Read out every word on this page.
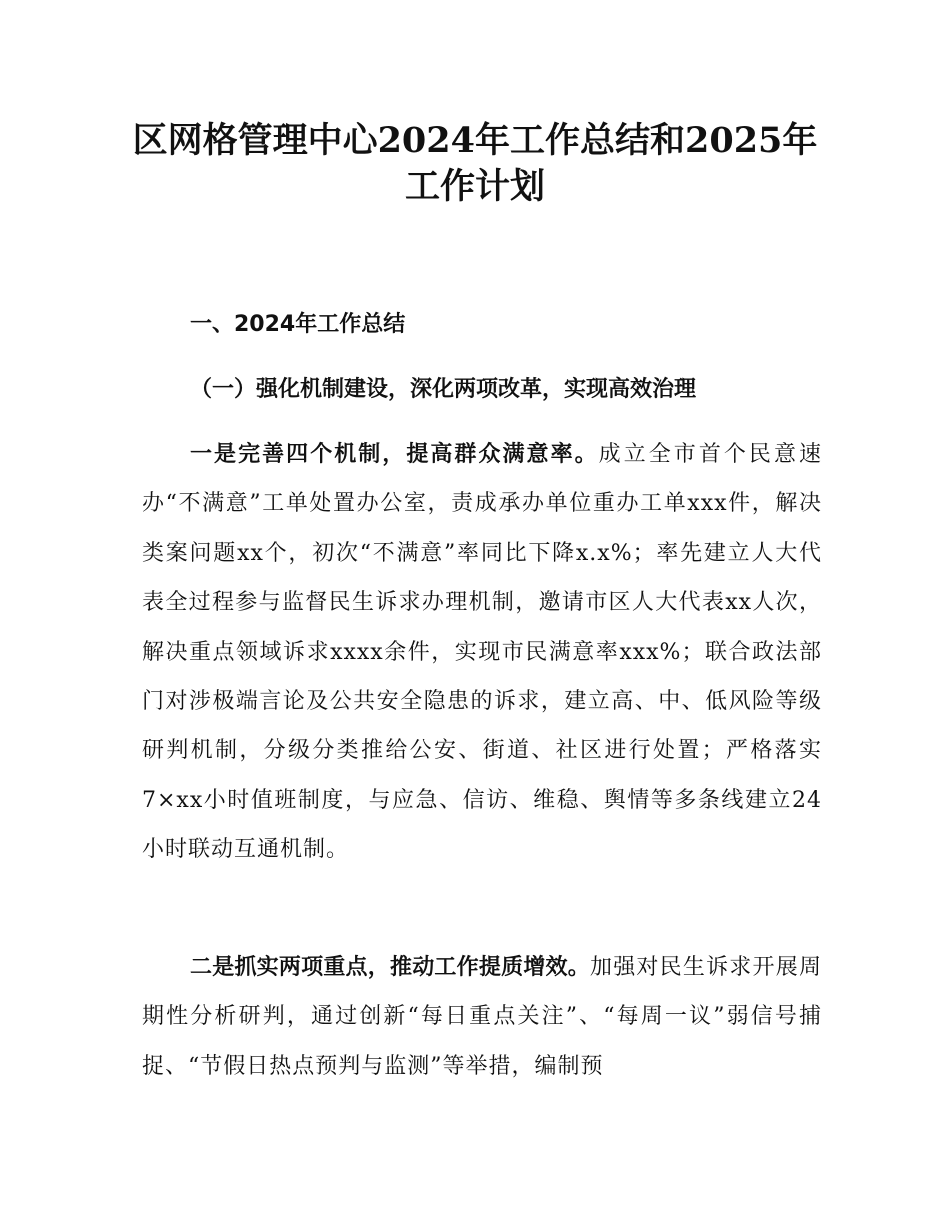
区网格管理中心2024年工作总结和2025年
工作计划
一、2024年工作总结
（一）强化机制建设，深化两项改革，实现高效治理

一是完善四个机制，提高群众满意率。成立全市首个民意速办“不满意”工单处置办公室，责成承办单位重办工单xxx件，解决类案问题xx个，初次“不满意”率同比下降x.x%；率先建立人大代表全过程参与监督民生诉求办理机制，邀请市区人大代表xx人次，解决重点领域诉求xxxx余件，实现市民满意率xxx%；联合政法部门对涉极端言论及公共安全隐患的诉求，建立高、中、低风险等级研判机制，分级分类推给公安、街道、社区进行处置；严格落实7×xx小时值班制度，与应急、信访、维稳、舆情等多条线建立24小时联动互通机制。

二是抓实两项重点，推动工作提质增效。加强对民生诉求开展周期性分析研判，通过创新“每日重点关注”、“每周一议”弱信号捕捉、“节假日热点预判与监测”等举措，编制预
